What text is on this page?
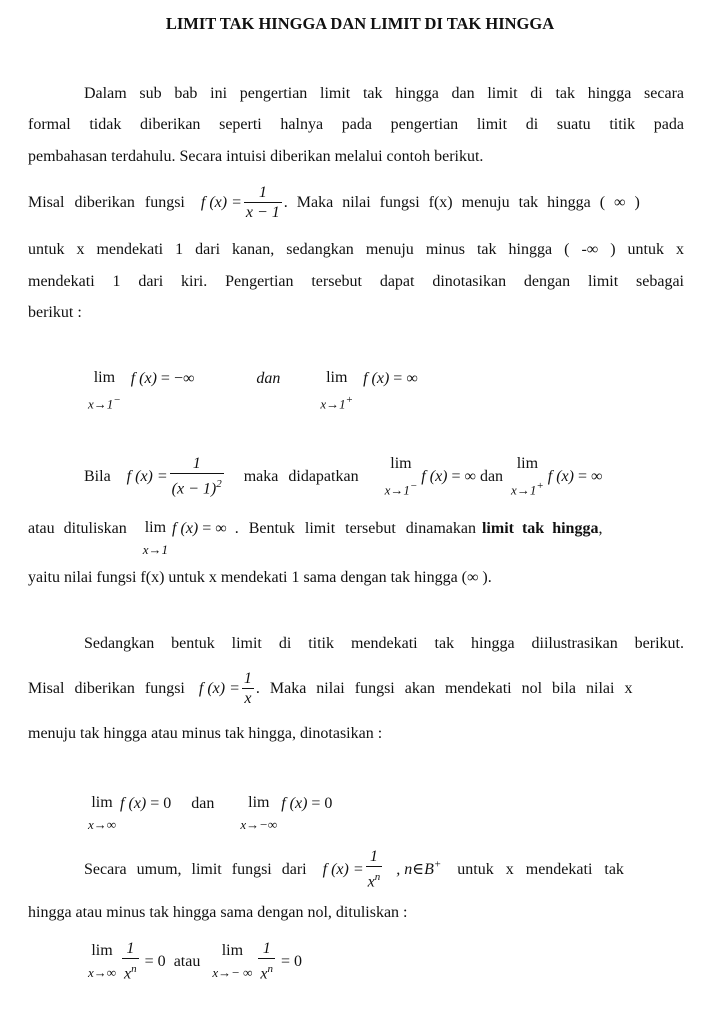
LIMIT TAK HINGGA DAN LIMIT DI TAK HINGGA
Dalam sub bab ini pengertian limit tak hingga dan limit di tak hingga secara
formal tidak diberikan seperti halnya pada pengertian limit di suatu titik pada
pembahasan terdahulu. Secara intuisi diberikan melalui contoh berikut.
Misal diberikan fungsi f $(x) = \frac{1}{x - 1}$ . Maka nilai fungsi f(x) menuju tak hingga ( ∞ )
untuk x mendekati 1 dari kanan, sedangkan menuju minus tak hingga ( -∞ ) untuk x
mendekati 1 dari kiri. Pengertian tersebut dapat dinotasikan dengan limit sebagai
berikut :
lim
x→1−
f (x) = −∞	dan	lim
x→1+
f (x) = ∞
Bila f $(x) = \frac{1}{(x - 1)^2}$ maka didapatkan lim
x→1−
f (x) = ∞ dan lim
x→1+
f (x) = ∞
atau dituliskan lim
x→1
f (x) = ∞ . Bentuk limit tersebut dinamakan limit tak hingga,
yaitu nilai fungsi f(x) untuk x mendekati 1 sama dengan tak hingga (∞ ).
Sedangkan bentuk limit di titik mendekati tak hingga diilustrasikan berikut.
Misal diberikan fungsi f $(x) = \frac{1}{x}$ . Maka nilai fungsi akan mendekati nol bila nilai x
menuju tak hingga atau minus tak hingga, dinotasikan :
lim
x→∞
f (x) = 0 dan lim
x→−∞
f (x) = 0
Secara umum, limit fungsi dari f $(x) = \frac{1}{x^n}$ , n∈B+ untuk x mendekati tak
hingga atau minus tak hingga sama dengan nol, dituliskan :
lim
x→∞
$\frac{1}{x^n} = 0$ atau lim
x→− ∞
$\frac{1}{x^n} = 0$
